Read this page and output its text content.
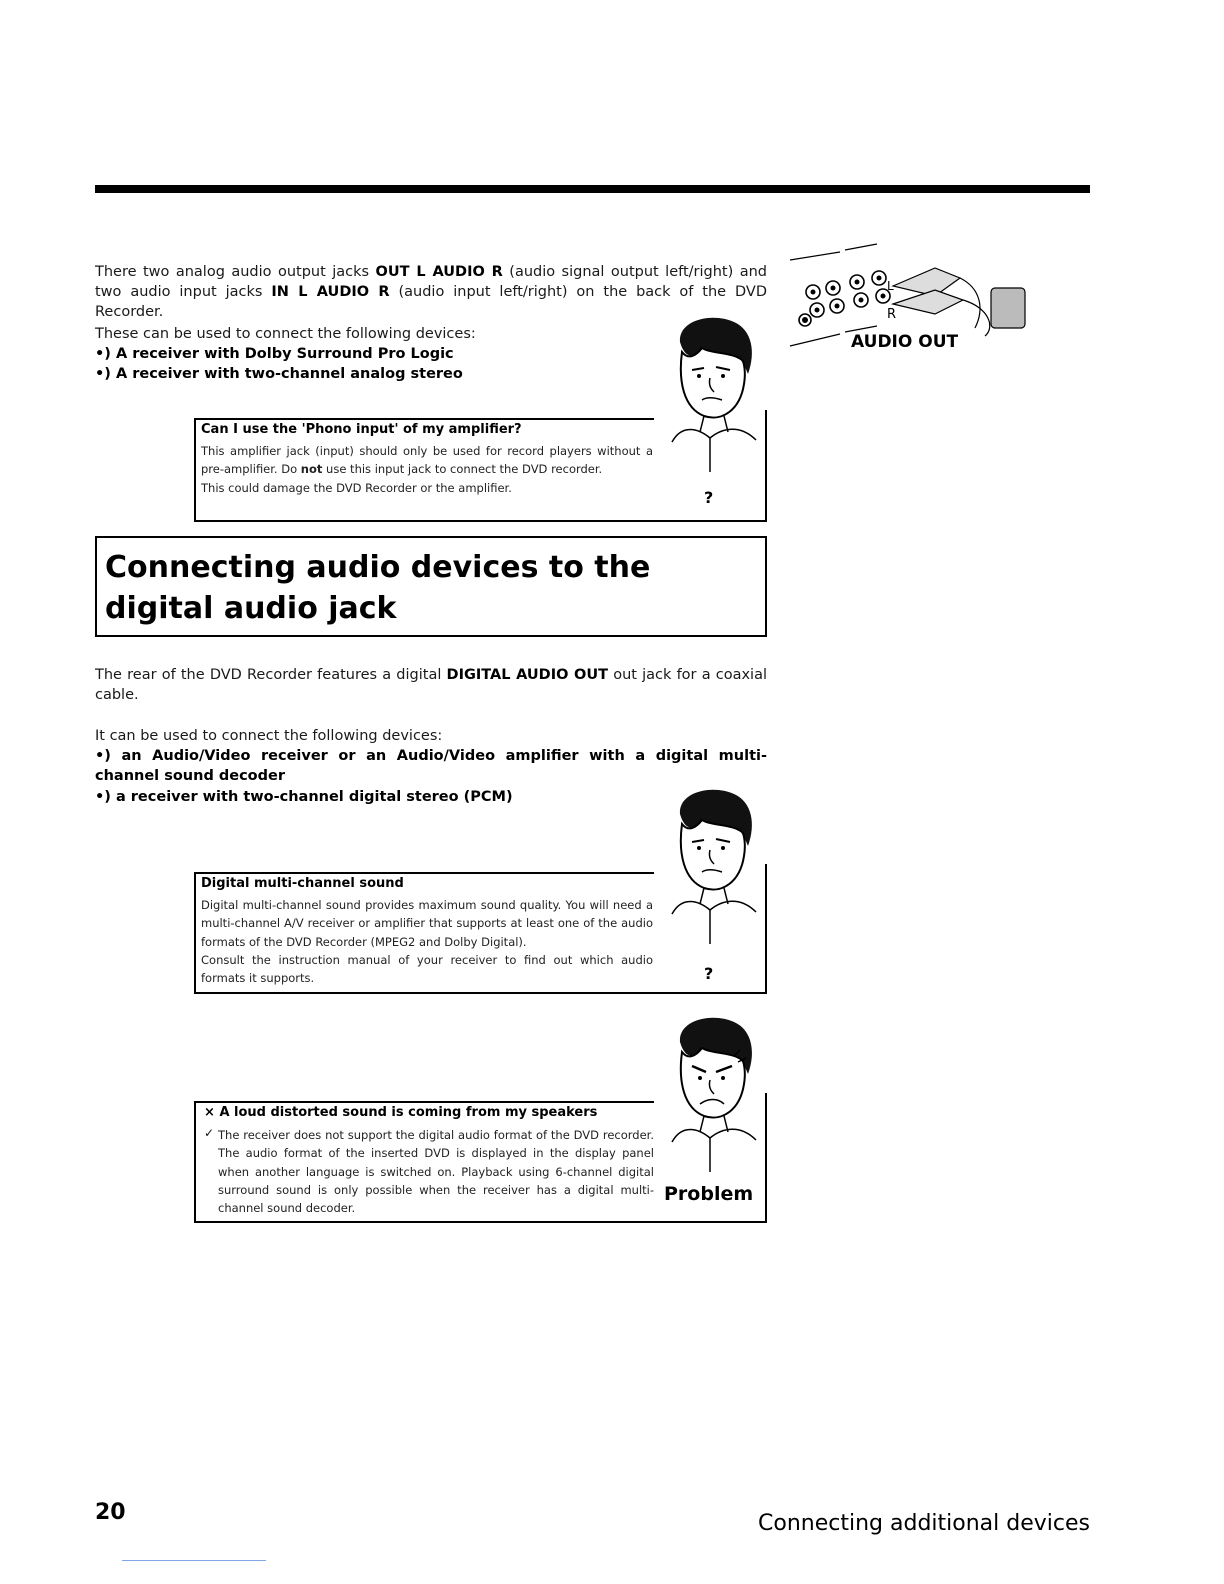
There two analog audio output jacks OUT L AUDIO R (audio signal output left/right) and two audio input jacks IN L AUDIO R (audio input left/right) on the back of the DVD Recorder.
These can be used to connect the following devices:
•) A receiver with Dolby Surround Pro Logic
•) A receiver with two-channel analog stereo
L
R
AUDIO OUT
Can I use the 'Phono input' of my amplifier?
This amplifier jack (input) should only be used for record players without a pre-amplifier. Do not use this input jack to connect the DVD recorder.
This could damage the DVD Recorder or the amplifier.
?
Connecting audio devices to the digital audio jack
The rear of the DVD Recorder features a digital DIGITAL AUDIO OUT out jack for a coaxial cable.
It can be used to connect the following devices:
•) an Audio/Video receiver or an Audio/Video amplifier with a digital multi-channel sound decoder
•) a receiver with two-channel digital stereo (PCM)
Digital multi-channel sound
Digital multi-channel sound provides maximum sound quality. You will need a multi-channel A/V receiver or amplifier that supports at least one of the audio formats of the DVD Recorder (MPEG2 and Dolby Digital).
Consult the instruction manual of your receiver to find out which audio formats it supports.	?
× A loud distorted sound is coming from my speakers
✓ The receiver does not support the digital audio format of the DVD recorder. The audio format of the inserted DVD is displayed in the display panel when another language is switched on. Playback using 6-channel digital surround sound is only possible when the receiver has a digital multi-channel sound decoder.
Problem
20	Connecting additional devices
